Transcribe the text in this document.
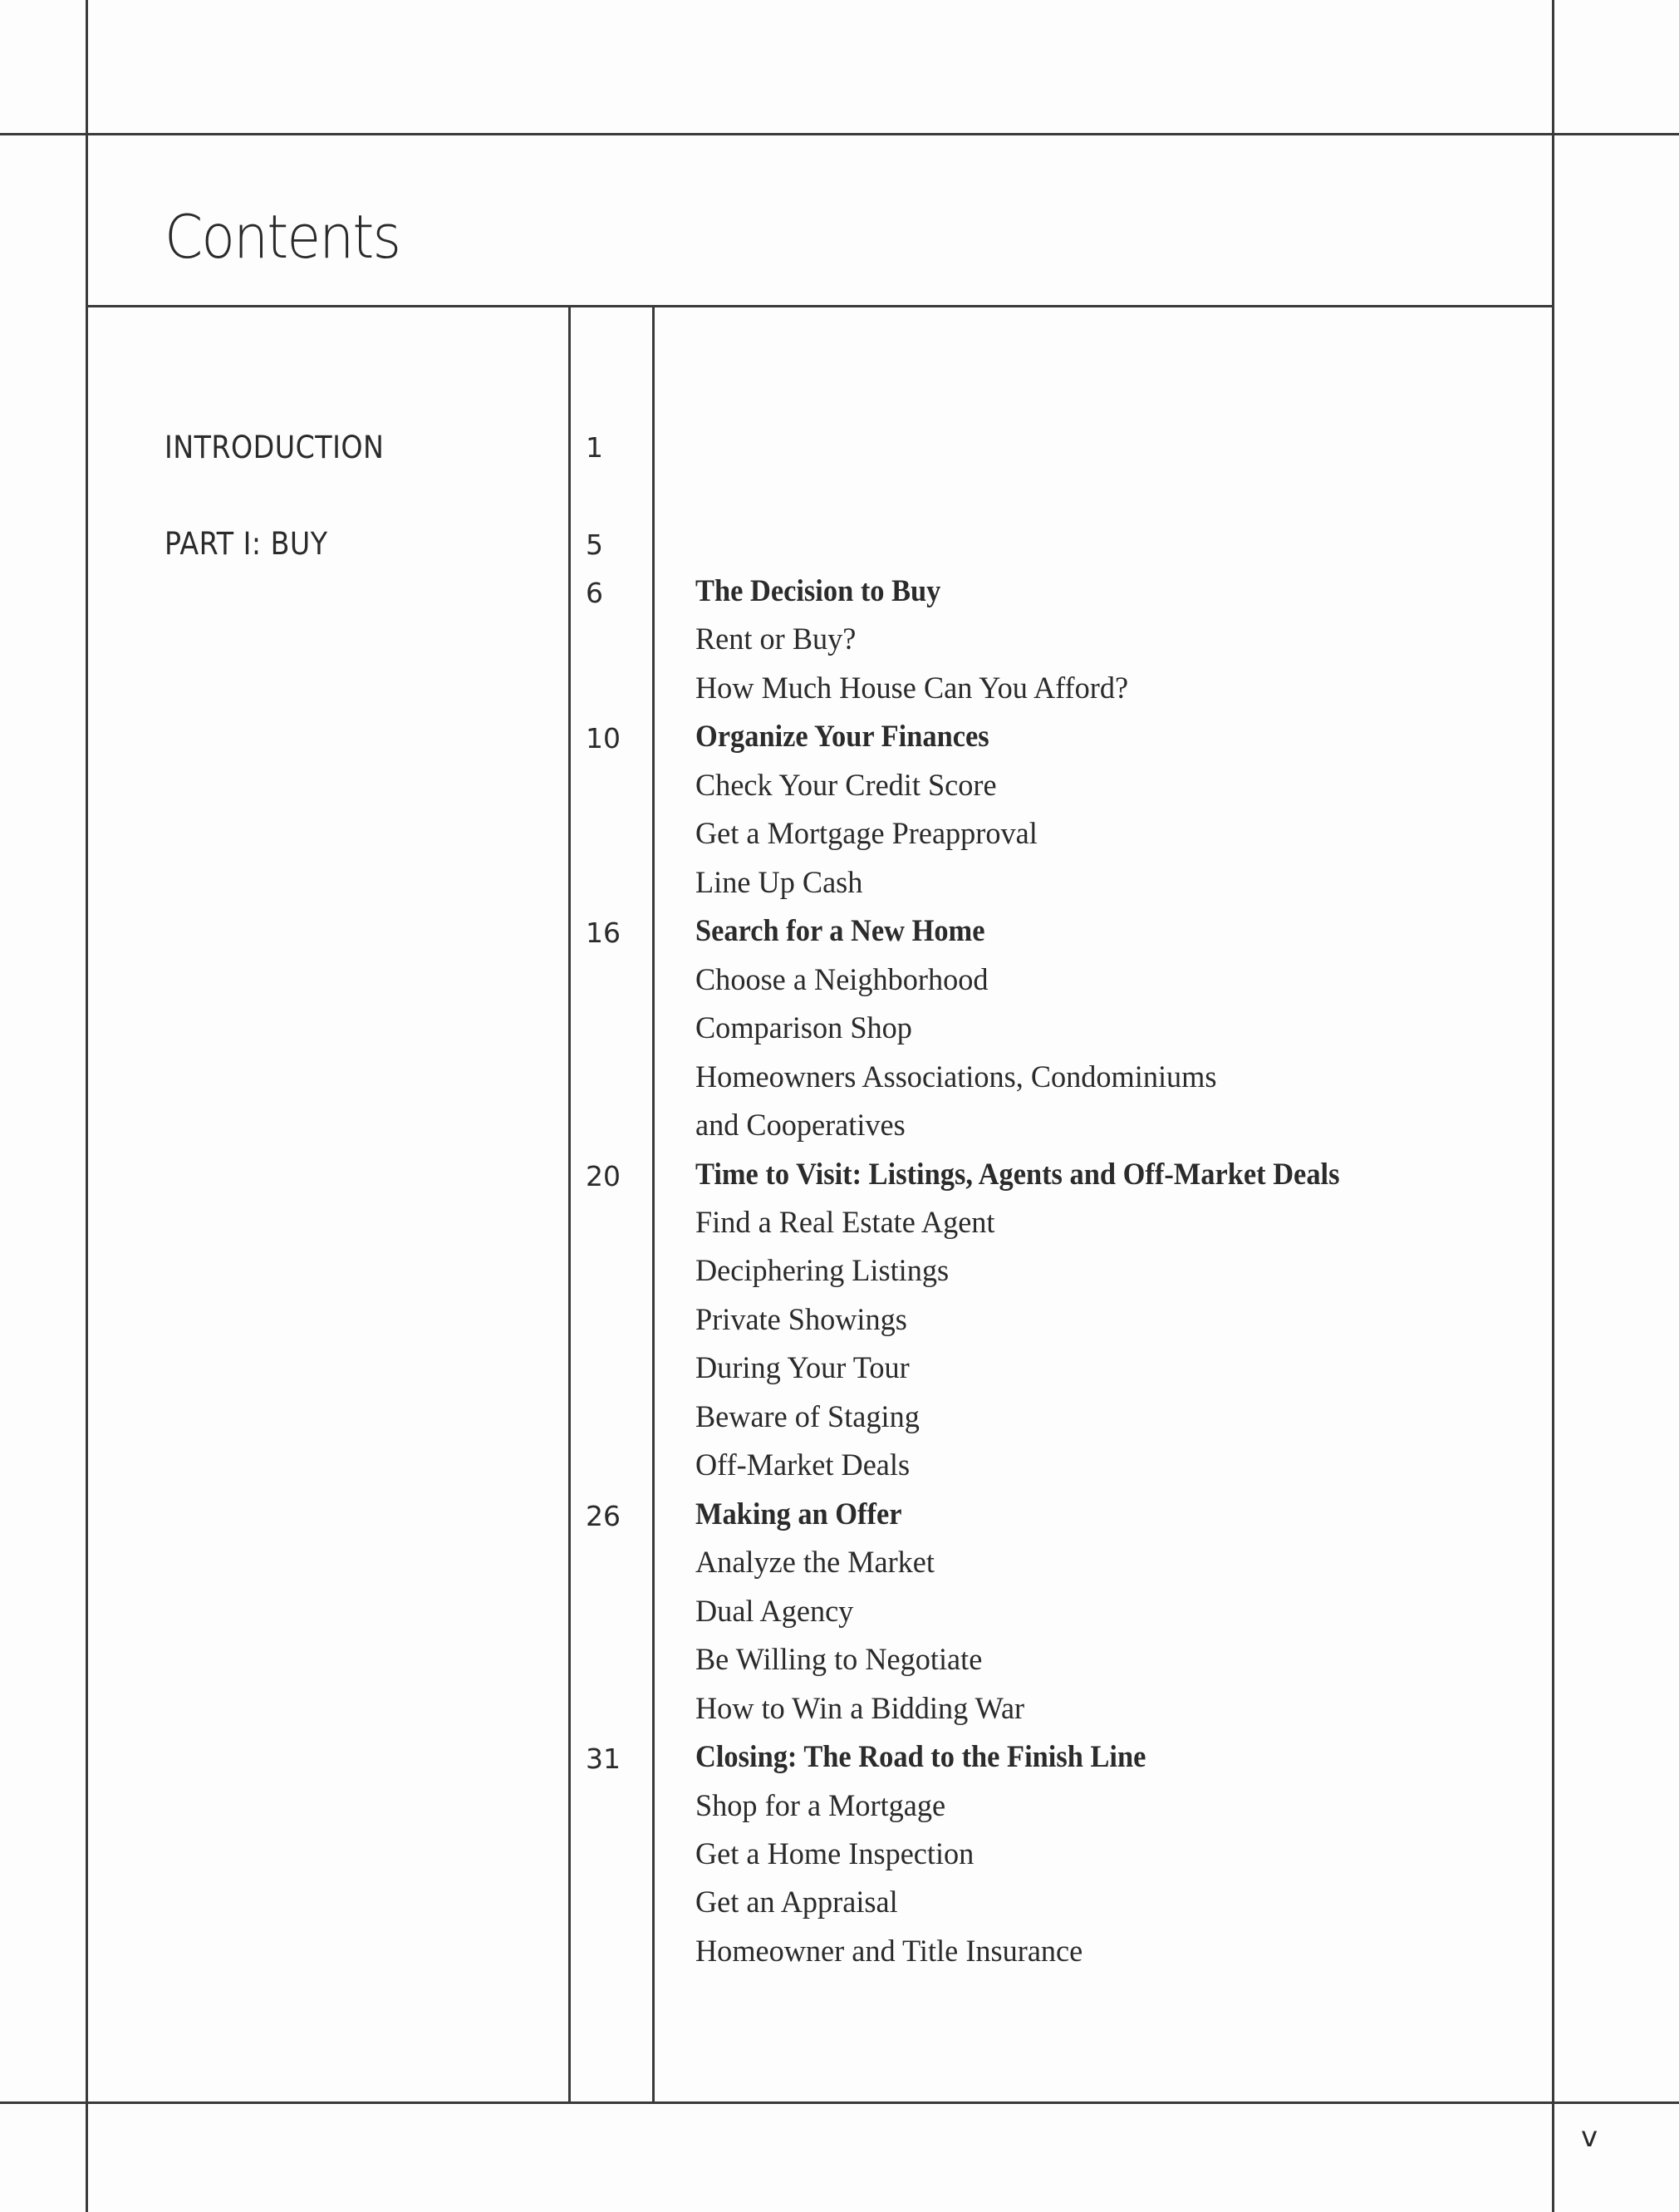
Contents
INTRODUCTION	1
PART I: BUY	5
6	The Decision to Buy
Rent or Buy?
How Much House Can You Afford?
10 Organize Your Finances
Check Your Credit Score
Get a Mortgage Preapproval
Line Up Cash
16 Search for a New Home
Choose a Neighborhood
Comparison Shop
Homeowners Associations, Condominiums
and Cooperatives
20 Time to Visit: Listings, Agents and Off-Market Deals
Find a Real Estate Agent
Deciphering Listings
Private Showings
During Your Tour
Beware of Staging
Off-Market Deals
26 Making an Offer
Analyze the Market
Dual Agency
Be Willing to Negotiate
How to Win a Bidding War
31 Closing: The Road to the Finish Line
Shop for a Mortgage
Get a Home Inspection
Get an Appraisal
Homeowner and Title Insurance
v
